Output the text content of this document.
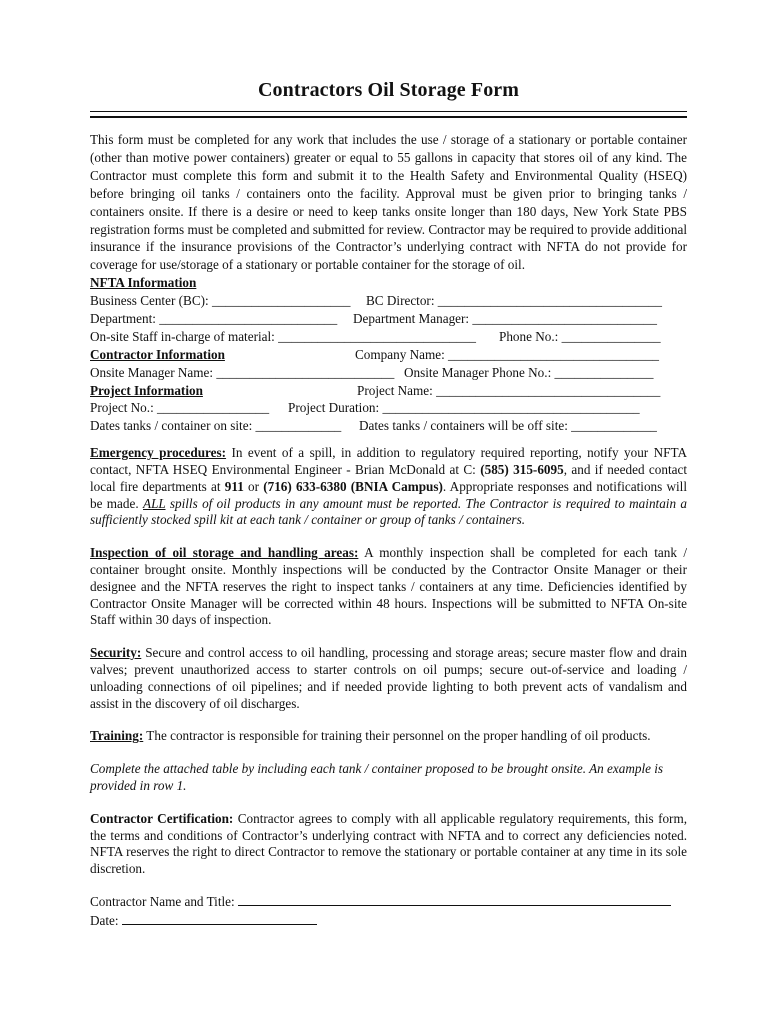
Contractors Oil Storage Form
This form must be completed for any work that includes the use / storage of a stationary or portable container (other than motive power containers) greater or equal to 55 gallons in capacity that stores oil of any kind. The Contractor must complete this form and submit it to the Health Safety and Environmental Quality (HSEQ) before bringing oil tanks / containers onto the facility. Approval must be given prior to bringing tanks / containers onsite. If there is a desire or need to keep tanks onsite longer than 180 days, New York State PBS registration forms must be completed and submitted for review. Contractor may be required to provide additional insurance if the insurance provisions of the Contractor’s underlying contract with NFTA do not provide for coverage for use/storage of a stationary or portable container for the storage of oil.
NFTA Information
Business Center (BC): _____________________ BC Director: __________________________________
Department: ___________________________ Department Manager: ____________________________
On-site Staff in-charge of material: ______________________________ Phone No.: _______________
Contractor Information	Company Name: ________________________________
Onsite Manager Name: ___________________________ Onsite Manager Phone No.: _______________
Project Information	Project Name: __________________________________
Project No.: _________________ Project Duration: _______________________________________
Dates tanks / container on site: _____________ Dates tanks / containers will be off site: _____________
Emergency procedures: In event of a spill, in addition to regulatory required reporting, notify your NFTA contact, NFTA HSEQ Environmental Engineer - Brian McDonald at C: (585) 315-6095, and if needed contact local fire departments at 911 or (716) 633-6380 (BNIA Campus). Appropriate responses and notifications will be made. ALL spills of oil products in any amount must be reported. The Contractor is required to maintain a sufficiently stocked spill kit at each tank / container or group of tanks / containers.
Inspection of oil storage and handling areas: A monthly inspection shall be completed for each tank / container brought onsite. Monthly inspections will be conducted by the Contractor Onsite Manager or their designee and the NFTA reserves the right to inspect tanks / containers at any time. Deficiencies identified by Contractor Onsite Manager will be corrected within 48 hours. Inspections will be submitted to NFTA On-site Staff within 30 days of inspection.
Security: Secure and control access to oil handling, processing and storage areas; secure master flow and drain valves; prevent unauthorized access to starter controls on oil pumps; secure out-of-service and loading / unloading connections of oil pipelines; and if needed provide lighting to both prevent acts of vandalism and assist in the discovery of oil discharges.
Training: The contractor is responsible for training their personnel on the proper handling of oil products.
Complete the attached table by including each tank / container proposed to be brought onsite. An example is provided in row 1.
Contractor Certification: Contractor agrees to comply with all applicable regulatory requirements, this form, the terms and conditions of Contractor’s underlying contract with NFTA and to correct any deficiencies noted. NFTA reserves the right to direct Contractor to remove the stationary or portable container at any time in its sole discretion.
Contractor Name and Title:
Date:
